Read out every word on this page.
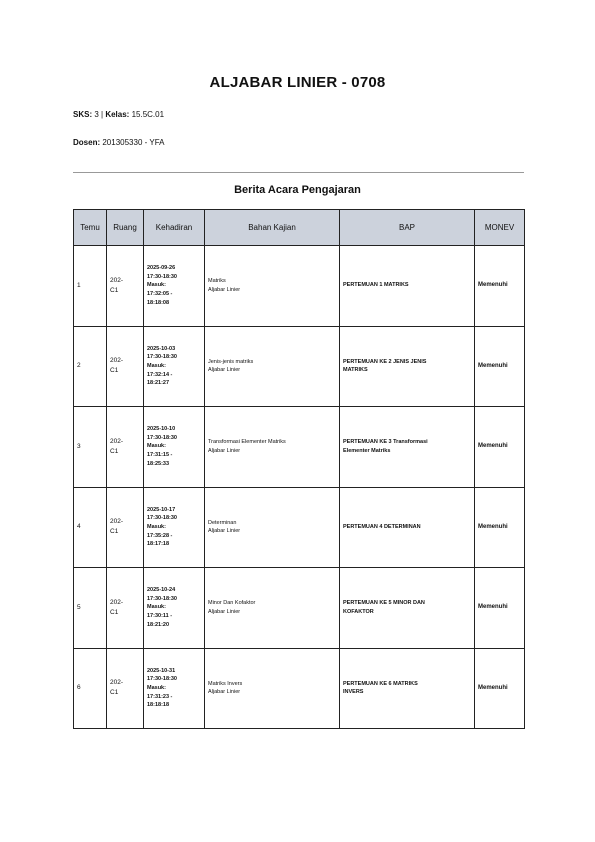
ALJABAR LINIER - 0708
SKS: 3 | Kelas: 15.5C.01
Dosen: 201305330 - YFA
Berita Acara Pengajaran
Temu	Ruang	Kehadiran	Bahan Kajian	BAP	MONEV
1	202-
C1	2025-09-26
17:30-18:30
Masuk:
17:32:05 -
18:18:08	Matriks
Aljabar Linier	PERTEMUAN 1 MATRIKS	Memenuhi
2	202-
C1	2025-10-03
17:30-18:30
Masuk:
17:32:14 -
18:21:27	Jenis-jenis matriks
Aljabar Linier	PERTEMUAN KE 2 JENIS JENIS
MATRIKS	Memenuhi
3	202-
C1	2025-10-10
17:30-18:30
Masuk:
17:31:15 -
18:25:33	Transformasi Elementer Matriks
Aljabar Linier	PERTEMUAN KE 3 Transformasi
Elementer Matriks	Memenuhi
4	202-
C1	2025-10-17
17:30-18:30
Masuk:
17:35:28 -
18:17:18	Determinan
Aljabar Linier	PERTEMUAN 4 DETERMINAN	Memenuhi
5	202-
C1	2025-10-24
17:30-18:30
Masuk:
17:30:11 -
18:21:20	Minor Dan Kofaktor
Aljabar Linier	PERTEMUAN KE 5 MINOR DAN
KOFAKTOR	Memenuhi
6	202-
C1	2025-10-31
17:30-18:30
Masuk:
17:31:23 -
18:18:18	Matriks Invers
Aljabar Linier	PERTEMUAN KE 6 MATRIKS
INVERS	Memenuhi
